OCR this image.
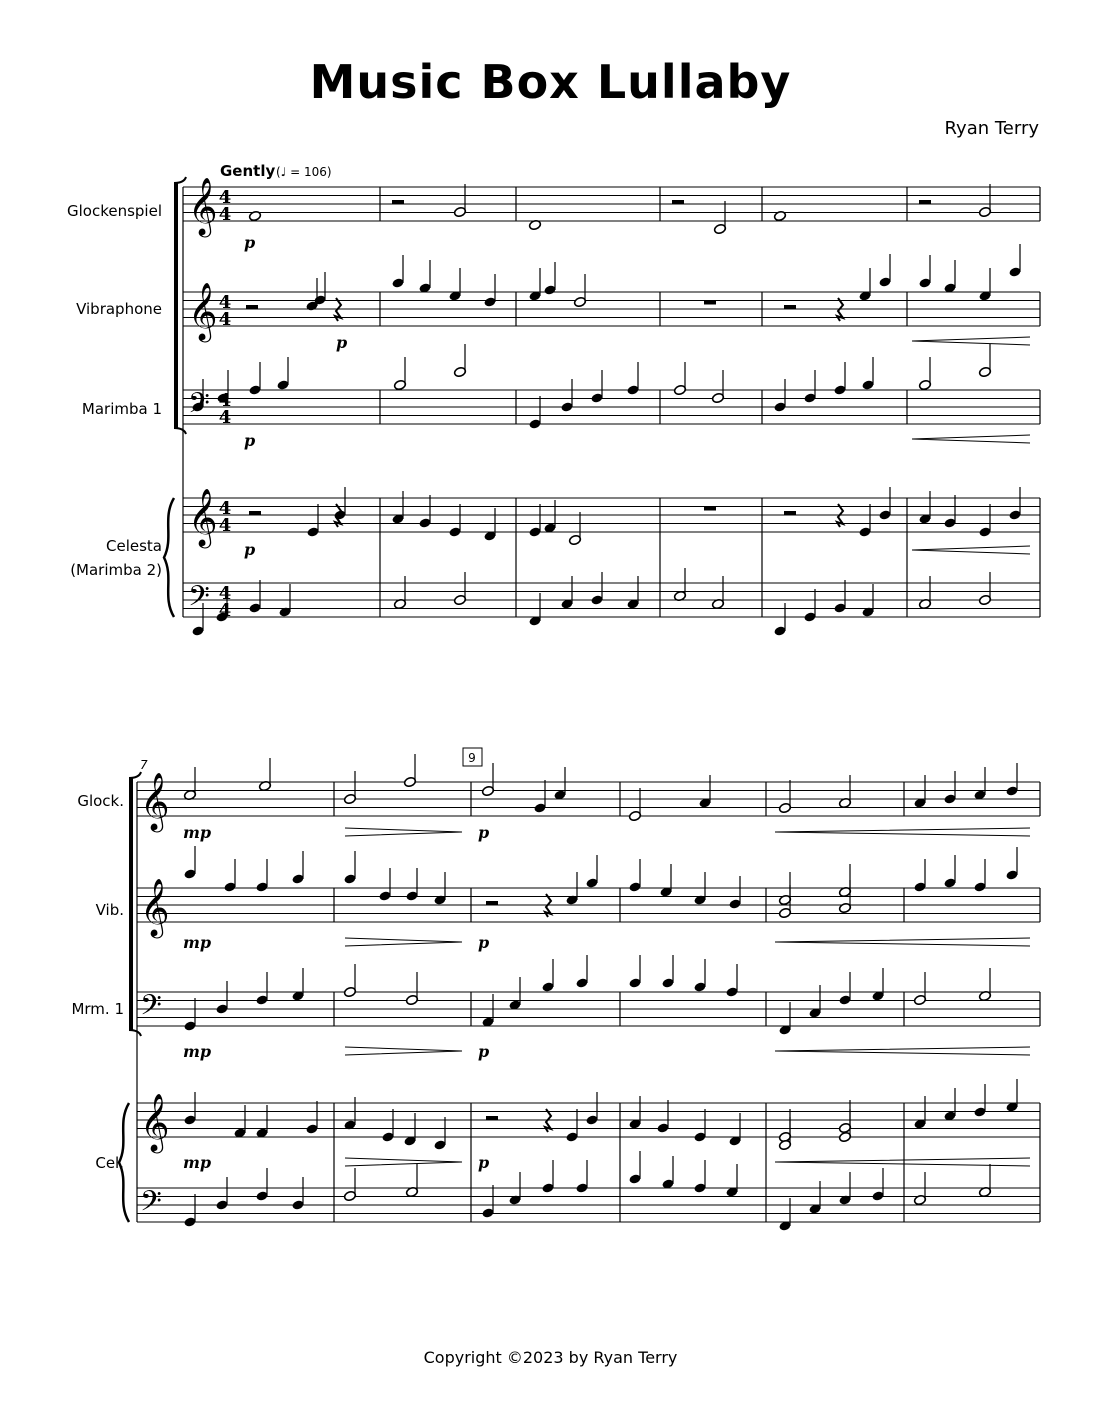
Music Box Lullaby
Ryan Terry
Copyright ©2023 by Ryan Terry
𝄞 4
4
𝄞 4
4
𝄞 4
4
𝄢 4
4
𝄢 4
4
Glockenspiel
Vibraphone
Marimba 1
Celesta
(Marimba 2)
Gently (♩ = 106)
p
p
p
p
𝄞
𝄞
𝄞
𝄢
𝄢
Glock.
Vib.
Mrm. 1
Cel.
7	9
mp	p
mp	p
mp	p
mp	p
